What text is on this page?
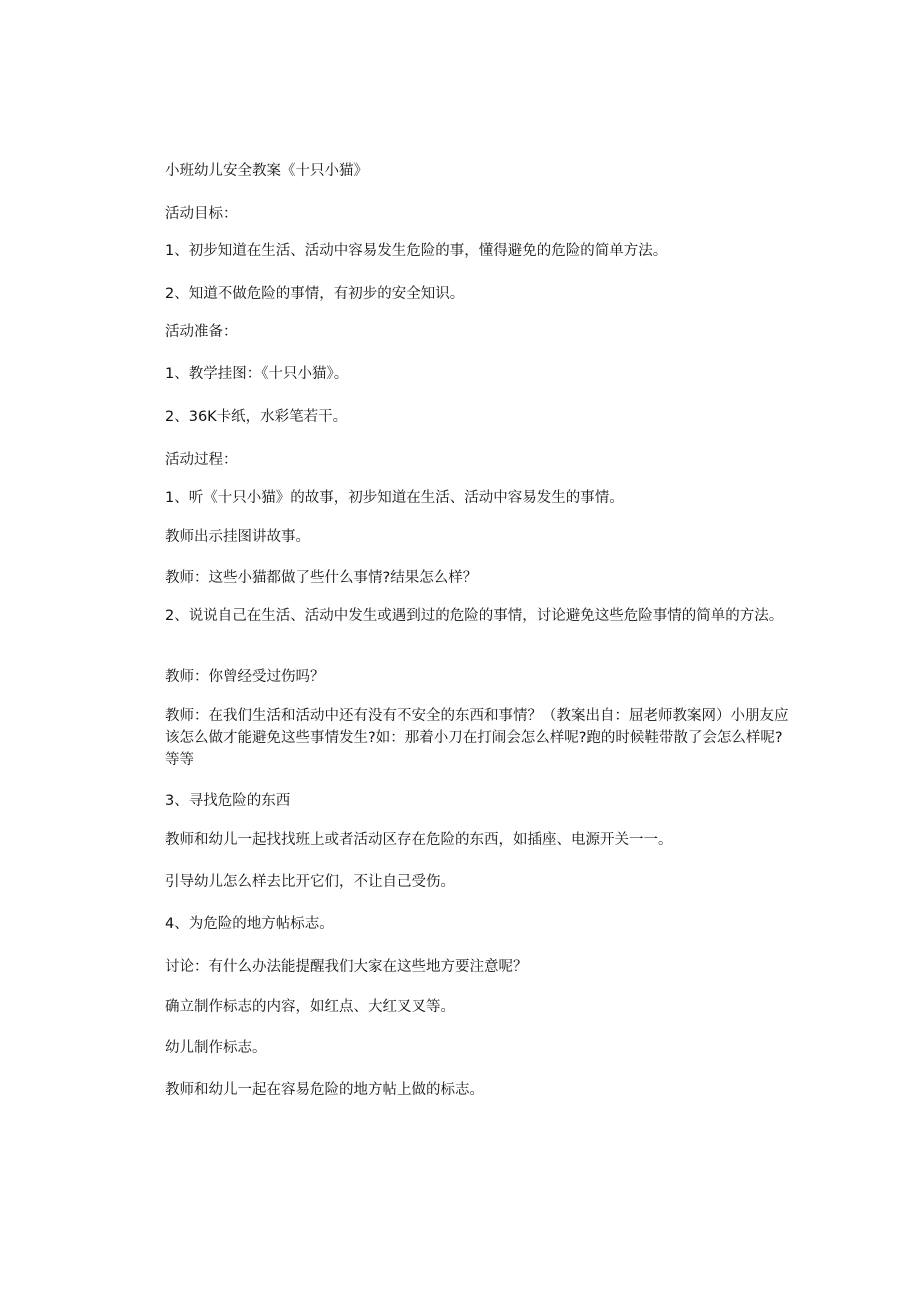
小班幼儿安全教案《十只小猫》

活动目标：

1、初步知道在生活、活动中容易发生危险的事，懂得避免的危险的简单方法。

2、知道不做危险的事情，有初步的安全知识。

活动准备：

1、教学挂图：《十只小猫》。

2、36K卡纸，水彩笔若干。

活动过程：

1、听《十只小猫》的故事，初步知道在生活、活动中容易发生的事情。

教师出示挂图讲故事。

教师：这些小猫都做了些什么事情?结果怎么样？

2、说说自己在生活、活动中发生或遇到过的危险的事情，讨论避免这些危险事情的简单的方法。

教师：你曾经受过伤吗？

教师：在我们生活和活动中还有没有不安全的东西和事情？（教案出自：屈老师教案网）小朋友应该怎么做才能避免这些事情发生?如：那着小刀在打闹会怎么样呢?跑的时候鞋带散了会怎么样呢?等等

3、寻找危险的东西

教师和幼儿一起找找班上或者活动区存在危险的东西，如插座、电源开关一一。

引导幼儿怎么样去比开它们，不让自己受伤。

4、为危险的地方帖标志。

讨论：有什么办法能提醒我们大家在这些地方要注意呢？

确立制作标志的内容，如红点、大红叉叉等。

幼儿制作标志。

教师和幼儿一起在容易危险的地方帖上做的标志。
